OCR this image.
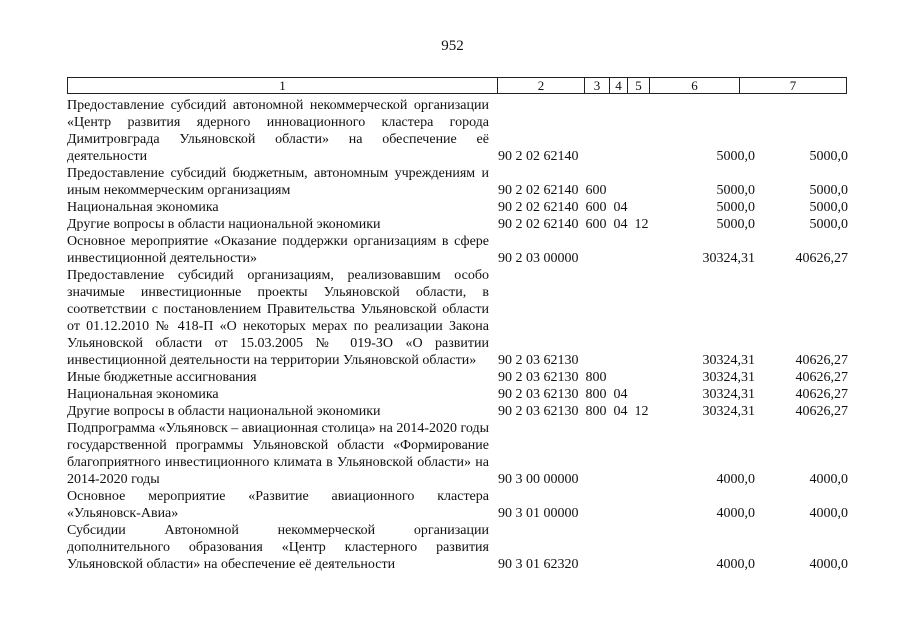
952
1	2	3	4	5	6	7
Предоставление субсидий автономной некоммерческой организации «Центр развития ядерного инновационного кластера города Димитровграда Ульяновской области» на обеспечение её деятельности	90 2 02 62140	5000,0	5000,0
Предоставление субсидий бюджетным, автономным учреждениям и иным некоммерческим организациям	90 2 02 62140  600	5000,0	5000,0
Национальная экономика	90 2 02 62140  600  04	5000,0	5000,0
Другие вопросы в области национальной экономики	90 2 02 62140  600  04  12	5000,0	5000,0
Основное мероприятие «Оказание поддержки организациям в сфере инвестиционной деятельности»	90 2 03 00000	30324,31	40626,27
Предоставление субсидий организациям, реализовавшим особо значимые инвестиционные проекты Ульяновской области, в соответствии с постановлением Правительства Ульяновской области от 01.12.2010 № 418-П «О некоторых мерах по реализации Закона Ульяновской области от 15.03.2005 № 019-ЗО «О развитии инвестиционной деятельности на территории Ульяновской области»	90 2 03 62130	30324,31	40626,27
Иные бюджетные ассигнования	90 2 03 62130  800	30324,31	40626,27
Национальная экономика	90 2 03 62130  800  04	30324,31	40626,27
Другие вопросы в области национальной экономики	90 2 03 62130  800  04  12	30324,31	40626,27
Подпрограмма «Ульяновск – авиационная столица» на 2014-2020 годы государственной программы Ульяновской области «Формирование благоприятного инвестиционного климата в Ульяновской области» на 2014-2020 годы	90 3 00 00000	4000,0	4000,0
Основное мероприятие «Развитие авиационного кластера «Ульяновск-Авиа»	90 3 01 00000	4000,0	4000,0
Субсидии Автономной некоммерческой организации дополнительного образования «Центр кластерного развития Ульяновской области» на обеспечение её деятельности	90 3 01 62320	4000,0	4000,0
